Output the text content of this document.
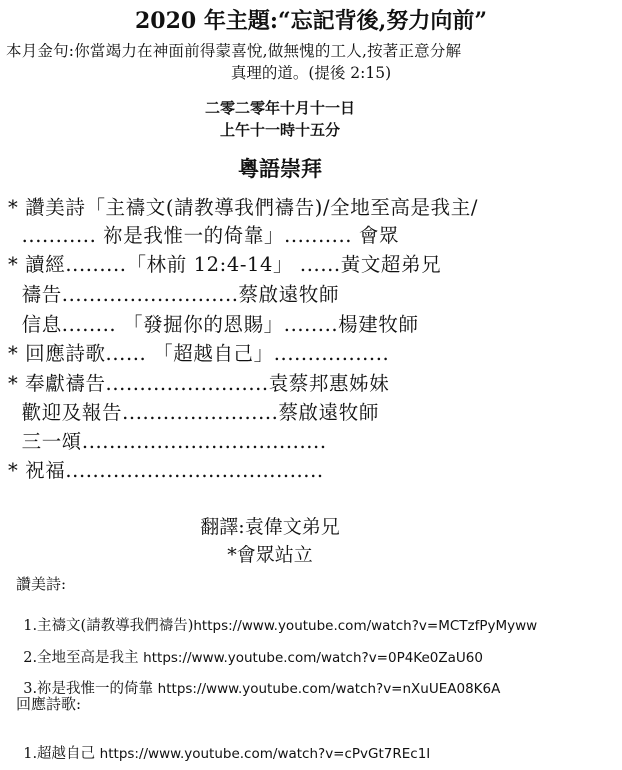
2020 年主題:“忘記背後,努力向前”
本月金句:你當竭力在神面前得蒙喜悅,做無愧的工人,按著正意分解
真理的道。(提後 2:15)
二零二零年十月十一日
上午十一時十五分
粵語崇拜
* 讚美詩「主禱文(請教導我們禱告)/全地至高是我主/
........... 祢是我惟一的倚靠」.......... 會眾
* 讀經.........「林前 12:4-14」 ......黃文超弟兄
禱告..........................蔡啟遠牧師
信息........ 「發掘你的恩賜」........楊建牧師
* 回應詩歌...... 「超越自己」.................
* 奉獻禱告........................袁蔡邦惠姊妹
歡迎及報告.......................蔡啟遠牧師
三一頌....................................
* 祝福......................................
翻譯:袁偉文弟兄
*會眾站立
讚美詩:

1.主禱文(請教導我們禱告)https://www.youtube.com/watch?v=MCTzfPyMyww

2.全地至高是我主 https://www.youtube.com/watch?v=0P4Ke0ZaU60

3.祢是我惟一的倚靠 https://www.youtube.com/watch?v=nXuUEA08K6A

回應詩歌:

1.超越自己 https://www.youtube.com/watch?v=cPvGt7REc1I
